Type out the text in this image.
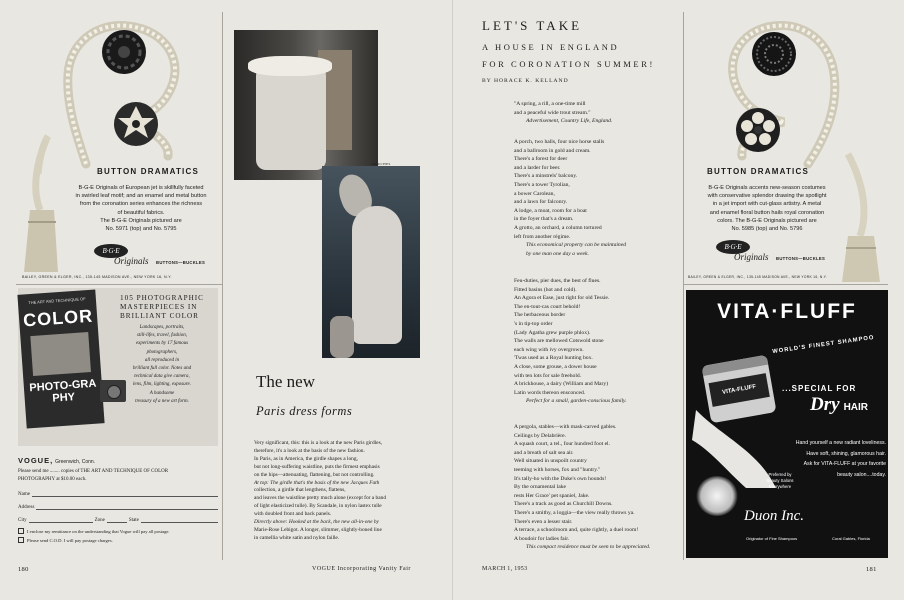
BUTTON DRAMATICS
B-G-E Originals of European jet is skillfully faceted
in swirled leaf motif; and an enamel and metal button
from the coronation series enhances the richness
of beautiful fabrics.
The B-G-E Originals pictured are
No. 5971 (top) and No. 5795
B·G·E
Originals BUTTONS—BUCKLES
BAILEY, GREEN & ELGER, INC., 135-145 MADISON AVE., NEW YORK 16, N.Y.
THE ART AND TECHNIQUE OF
COLOR
PHOTO-GRAPHY
105 PHOTOGRAPHIC
MASTERPIECES IN
BRILLIANT COLOR
Landscapes, portraits,
still-lifes, travel, fashion,
experiments by 17 famous
photographers,
all reproduced in
brilliant full color. Notes and
technical data give camera,
lens, film, lighting, exposure.
A handsome
treasury of a new art form.
VOGUE, Greenwich, Conn.
Please send me ........ copies of THE ART AND TECHNIQUE OF COLOR
PHOTOGRAPHY at $10.00 each.
Name
Address
City	Zone	State
I enclose my remittance on the understanding that Vogue will pay all postage.
Please send C.O.D. I will pay postage charges.
DOUCHES
The new
Paris dress forms
Very significant, this: this is a look at the new Paris girdles,
therefore, it's a look at the basis of the new fashion.
In Paris, as in America, the girdle shapes a long,
but not long-suffering waistline, puts the firmest emphasis
on the hips—attenuating, flattening, but not controlling.
At top: The girdle that's the basis of the new Jacques Fath
collection, a girdle that lengthens, flattens,
and leaves the waistline pretty much alone (except for a band
of light elasticized tulle). By Scandale, in nylon lastex tulle
with doubled front and back panels.
Directly above: Hooked at the back, the new all-in-one by
Marie-Rose Lebigot. A longer, slimmer, slightly-boned line
in camellia white satin and nylon faille.
LET'S TAKE
A HOUSE IN ENGLAND
FOR CORONATION SUMMER!
BY HORACE K. KELLAND
"A spring, a rill, a one-time mill
and a peaceful wide trout stream."
Advertisement, Country Life, England.
A porch, two halls, four nice horse stalls
and a ballroom in gold and cream.
There's a forest for deer
and a larder for beer.
There's a minstrels' balcony.
There's a tower Tyrolian,
a bower Carolean,
and a lawn for falconry.
A lodge, a moat, room for a boat
in the foyer that's a dream.
A grotto, an orchard, a column tortured
left from another régime.
This economical property can be maintained
by one man one day a week.
Feu-duties, pier dues, the best of flues.
Fitted basins (hot and cold).
An Agora et Ease, just right for old Tessie.
The en-tout-cas court behold!
The herbaceous border
's in tip-top order
(Lady Agatha grew purple phlox).
The walls are mellowed Cotswold stone
each wing with ivy overgrown.
'Twas used as a Royal hunting box.
A close, some grouse, a dower house
with ten lots for sale freehold.
A brickhouse, a dairy (William and Mary)
Latin words thereon ensconced.
Perfect for a small, garden-conscious family.
A pergola, stables—with mask-carved gables.
Ceilings by Delabrière.
A squash court, a tel., four hundred foot el.
and a breath of salt sea air.
Well situated in unspoilt country
teeming with horses, fox and "huntry."
It's tally-ho with the Duke's own hounds!
By the ornamental lake
rests Her Grace' pet spaniel, Jake.
There's a track as good as Churchill Downs.
There's a smithy, a loggia—the view really throws ya.
There's even a lesser stair.
A terrace, a schoolroom and, quite rightly, a duel room!
A boudoir for ladies fair.
This compact residence must be seen to be appreciated.
BUTTON DRAMATICS
B-G-E Originals accents new-season costumes
with conservative splendor drawing the spotlight
in a jet import with cut-glass artistry. A metal
and enamel floral button hails royal coronation
colors. The B-G-E Originals pictured are
No. 5985 (top) and No. 5796
B·G·E
Originals BUTTONS—BUCKLES
BAILEY, GREEN & ELGER, INC., 135-145 MADISON AVE., NEW YORK 16, N.Y.
VITA·FLUFF
WORLD'S FINEST SHAMPOO
VITA-FLUFF	...SPECIAL FOR
Dry HAIR
Hand yourself a new radiant loveliness.
Have soft, shining, glamorous hair.
Ask for VITA-FLUFF at your favorite
beauty salon....today.
Preferred by
Beauty Salons
Everywhere
Duon Inc.
Originator of Fine Shampoos	Coral Gables, Florida
180	VOGUE Incorporating Vanity Fair	MARCH 1, 1953	181
